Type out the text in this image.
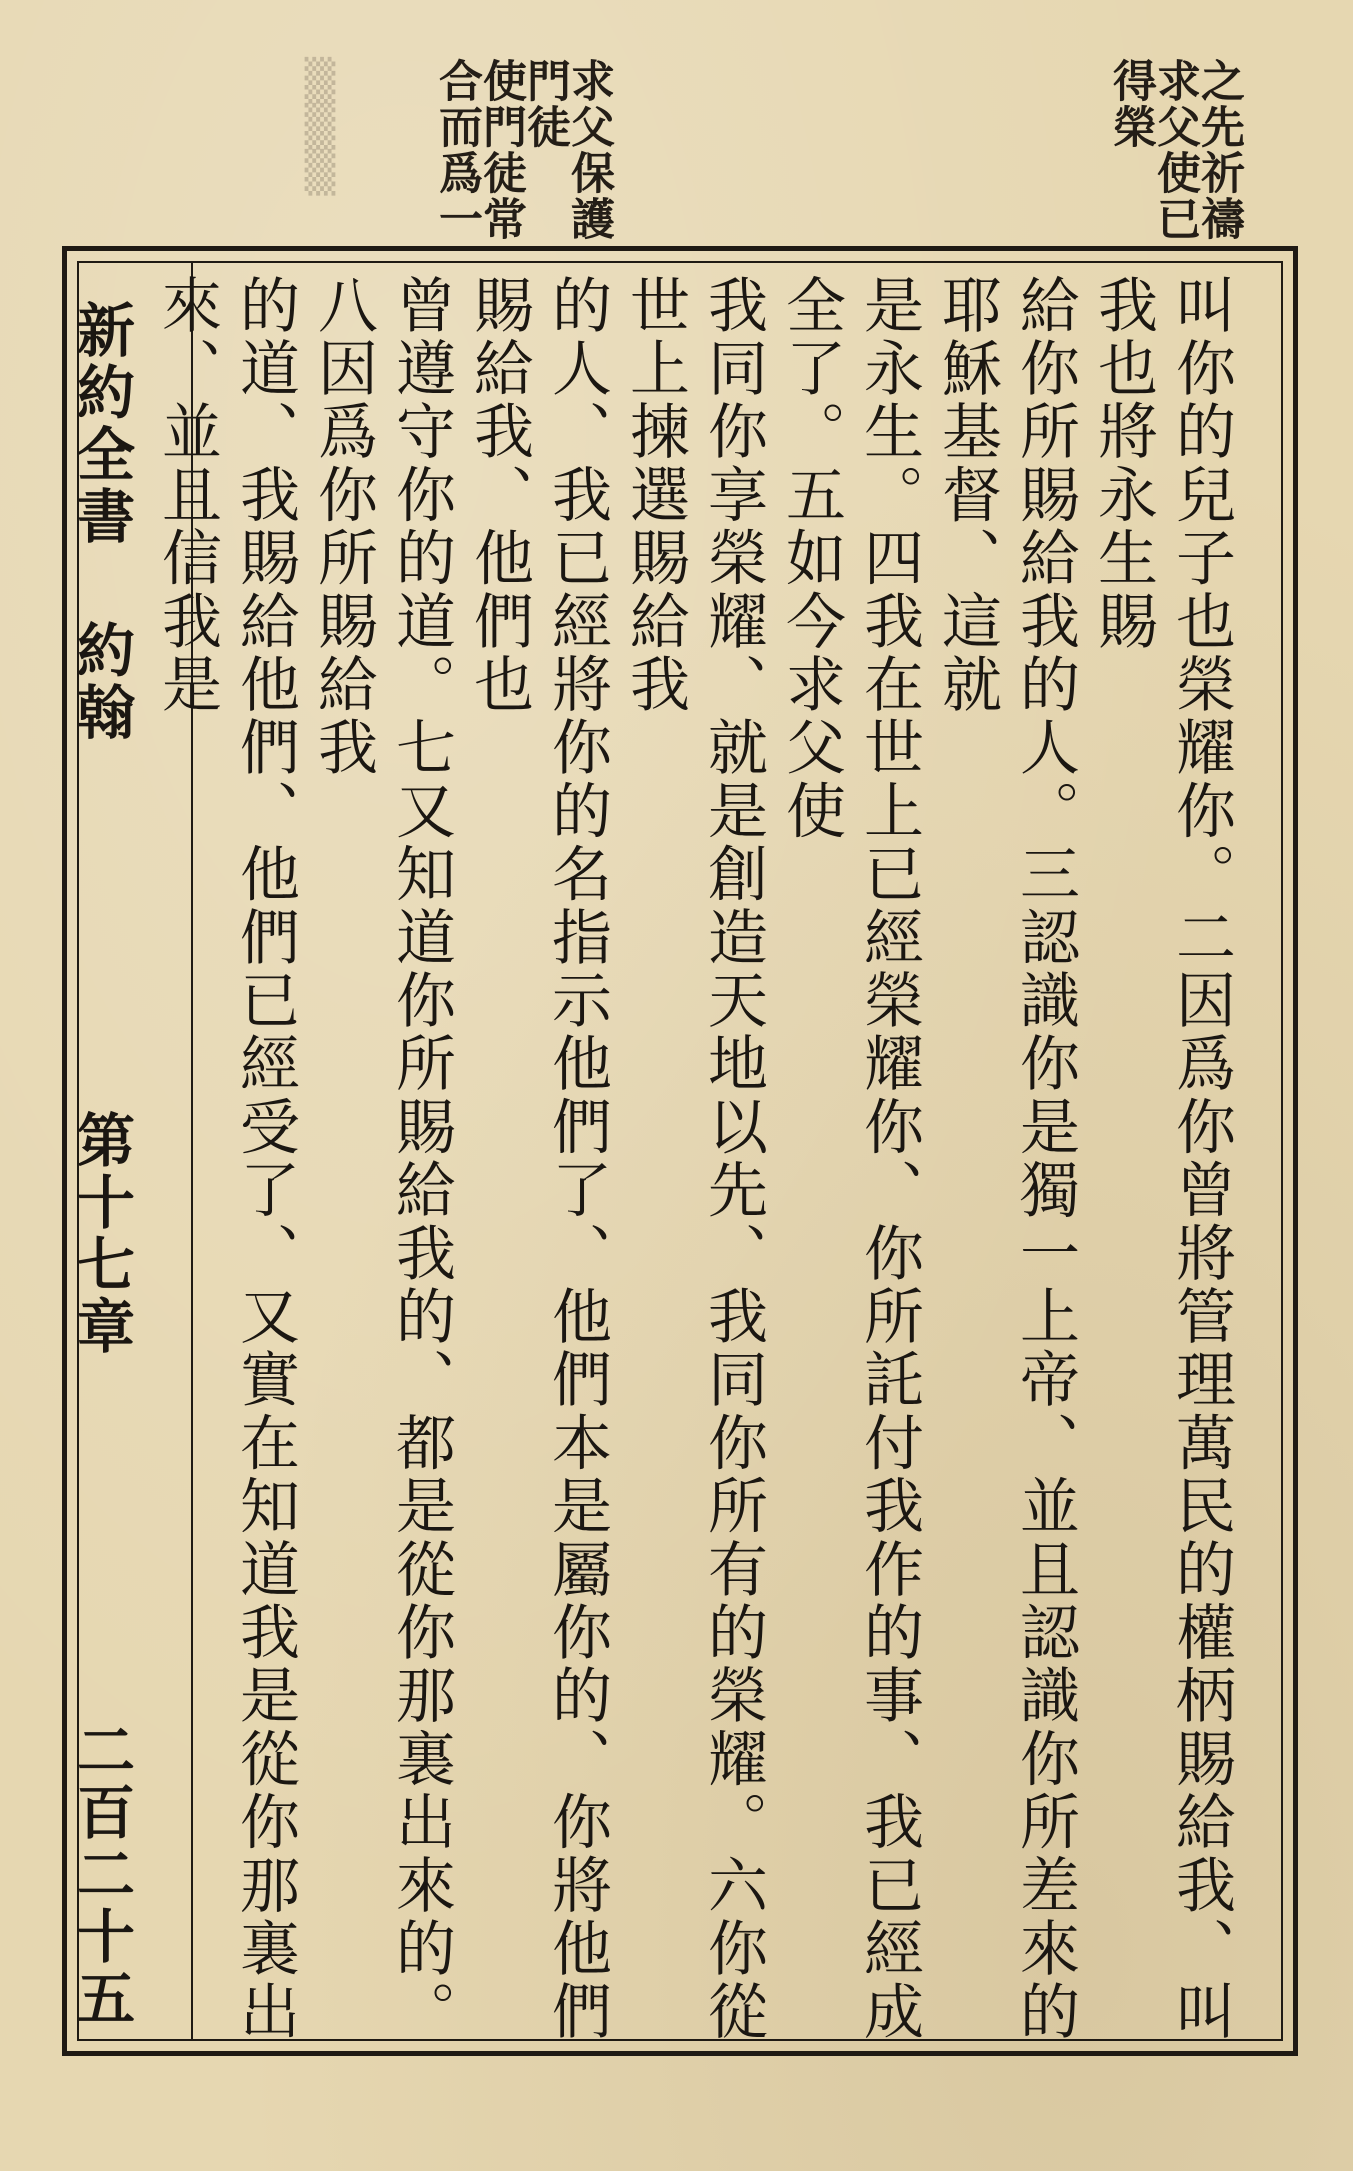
▒▒▒	之先祈禱
求父使已
得榮
求父保護
門徒
使門徒常
合而爲一
新約全書
約翰
第十七章
二百二十五	叫你的兒子也榮耀你。二因爲你曾將管理萬民的權柄賜給我、叫我也將永生賜
給你所賜給我的人。三認識你是獨一上帝、並且認識你所差來的耶穌基督、這就
是永生。四我在世上已經榮耀你、你所託付我作的事、我已經成全了。五如今求父使
我同你享榮耀、就是創造天地以先、我同你所有的榮耀。六你從世上揀選賜給我
的人、我已經將你的名指示他們了、他們本是屬你的、你將他們賜給我、他們也
曾遵守你的道。七又知道你所賜給我的、都是從你那裏出來的。八因爲你所賜給我
的道、我賜給他們、他們已經受了、又實在知道我是從你那裏出來、並且信我是
